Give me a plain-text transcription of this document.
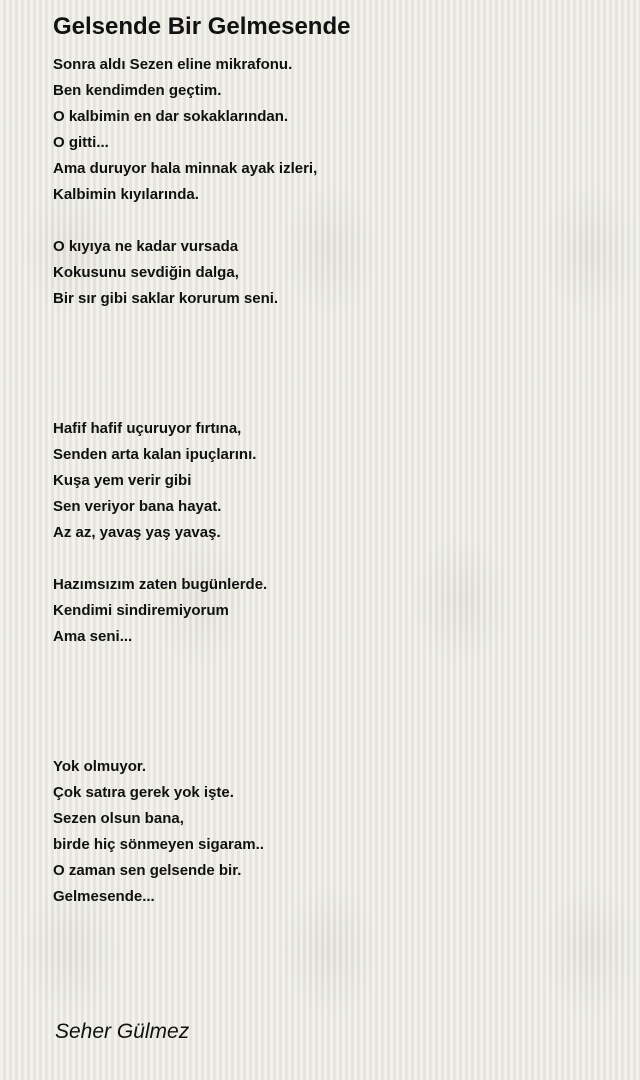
Gelsende Bir Gelmesende
Sonra aldı Sezen eline mikrafonu.
Ben kendimden geçtim.
O kalbimin en dar sokaklarından.
O gitti...
Ama duruyor hala minnak ayak izleri,
Kalbimin kıyılarında.
O kıyıya ne kadar vursada
Kokusunu sevdiğin dalga,
Bir sır gibi saklar korurum seni.
Hafif hafif uçuruyor fırtına,
Senden arta kalan ipuçlarını.
Kuşa yem verir gibi
Sen veriyor bana hayat.
Az az, yavaş yaş yavaş.
Hazımsızım zaten bugünlerde.
Kendimi sindiremiyorum
Ama seni...
Yok olmuyor.
Çok satıra gerek yok işte.
Sezen olsun bana,
birde hiç sönmeyen sigaram..
O zaman sen gelsende bir.
Gelmesende...
Seher Gülmez
